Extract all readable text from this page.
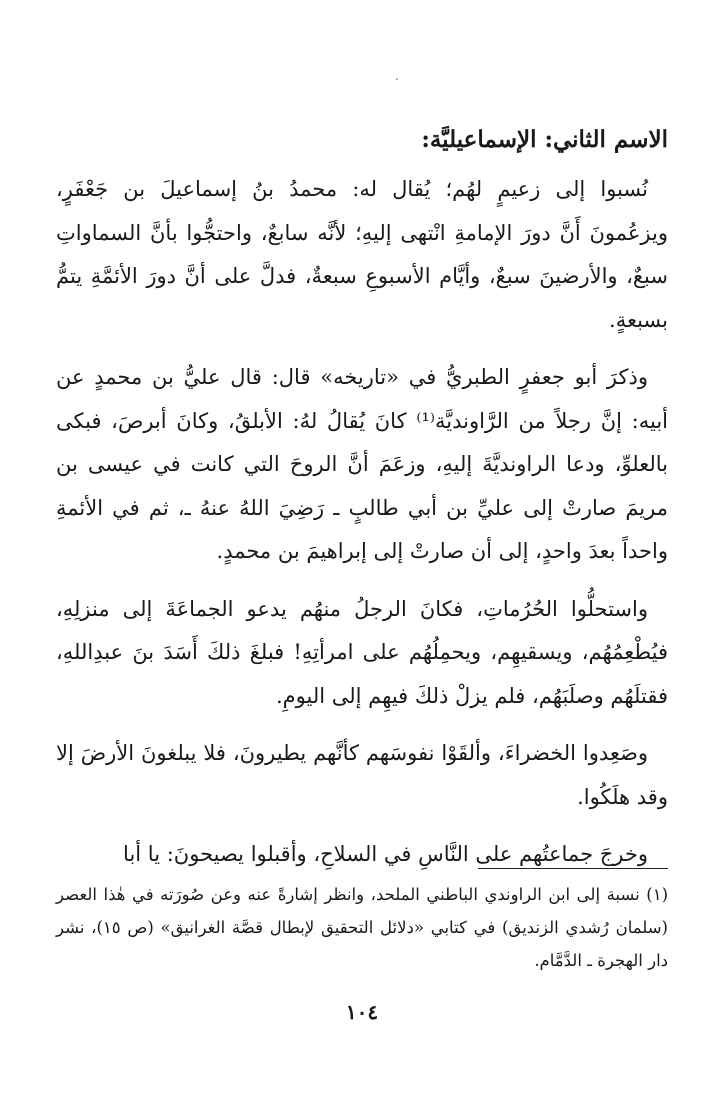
الاسم الثاني: الإسماعيليَّة:

نُسبوا إلى زعيمٍ لهُم؛ يُقال له: محمدُ بنُ إسماعيلَ بن جَعْفَرٍ، ويزعُمونَ أَنَّ دورَ الإمامةِ انْتهى إليهِ؛ لأنَّه سابعٌ، واحتجُّوا بأنَّ السماواتِ سبعٌ، والأرضينَ سبعٌ، وأيَّام الأسبوعِ سبعةٌ، فدلَّ على أنَّ دورَ الأئمَّةِ يتمُّ بسبعةٍ.

وذكرَ أبو جعفرٍ الطبريُّ في «تاريخه» قال: قال عليُّ بن محمدٍ عن أبيه: إنَّ رجلاً من الرَّاونديَّة⁽¹⁾ كانَ يُقالُ لهُ: الأبلقُ، وكانَ أبرصَ، فبكى بالعلوِّ، ودعا الراونديَّةَ إليهِ، وزعَمَ أنَّ الروحَ التي كانت في عيسى بن مريمَ صارتْ إلى عليِّ بن أبي طالبٍ ـ رَضِيَ اللهُ عنهُ ـ، ثم في الأئمةِ واحداً بعدَ واحدٍ، إلى أن صارتْ إلى إبراهيمَ بن محمدٍ.

واستحلُّوا الحُرُماتِ، فكانَ الرجلُ منهُم يدعو الجماعَةَ إلى منزلِهِ، فيُطْعِمُهُم، ويسقيهِم، ويحمِلُهُم على امرأتِهِ! فبلغَ ذلكَ أَسَدَ بنَ عبدِاللهِ، فقتلَهُم وصلَبَهُم، فلم يزلْ ذلكَ فيهِم إلى اليومِ.

وصَعِدوا الخضراءَ، وألقَوْا نفوسَهم كأنَّهم يطيرونَ، فلا يبلغونَ الأرضَ إلا وقد هلَكُوا.

وخرجَ جماعتُهم على النَّاسِ في السلاحِ، وأقبلوا يصيحونَ: يا أبا

(١) نسبة إلى ابن الراوندي الباطني الملحد، وانظر إشارةً عنه وعن صُورَته في هٰذا العصر (سلمان رُشدي الزنديق) في كتابي «دلائل التحقيق لإبطال قصَّة الغرانيق» (ص ١٥)، نشر دار الهجرة ـ الدَّمَّام.

١٠٤
